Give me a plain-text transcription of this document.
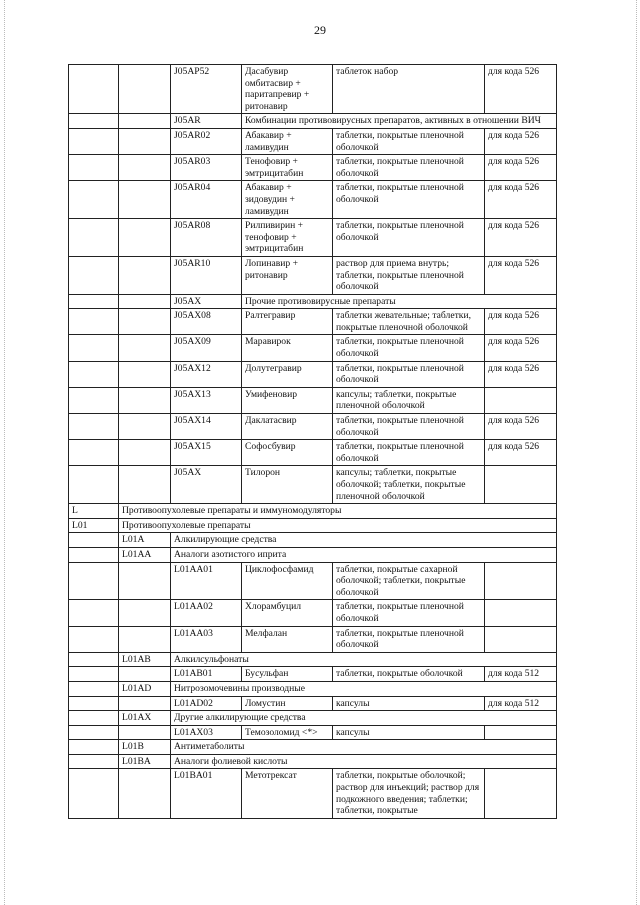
29
		J05AP52	Дасабувир омбитасвир + паритапревир + ритонавир	таблеток набор	для кода 526
		J05AR	Комбинации противовирусных препаратов, активных в отношении ВИЧ		
		J05AR02	Абакавир + ламивудин	таблетки, покрытые пленочной оболочкой	для кода 526
		J05AR03	Тенофовир + эмтрицитабин	таблетки, покрытые пленочной оболочкой	для кода 526
		J05AR04	Абакавир + зидовудин + ламивудин	таблетки, покрытые пленочной оболочкой	для кода 526
		J05AR08	Рилпивирин + тенофовир + эмтрицитабин	таблетки, покрытые пленочной оболочкой	для кода 526
		J05AR10	Лопинавир + ритонавир	раствор для приема внутрь; таблетки, покрытые пленочной оболочкой	для кода 526
		J05AX	Прочие противовирусные препараты		
		J05AX08	Ралтегравир	таблетки жевательные; таблетки, покрытые пленочной оболочкой	для кода 526
		J05AX09	Маравирок	таблетки, покрытые пленочной оболочкой	для кода 526
		J05AX12	Долутегравир	таблетки, покрытые пленочной оболочкой	для кода 526
		J05AX13	Умифеновир	капсулы; таблетки, покрытые пленочной оболочкой	
		J05AX14	Даклатасвир	таблетки, покрытые пленочной оболочкой	для кода 526
		J05AX15	Софосбувир	таблетки, покрытые пленочной оболочкой	для кода 526
		J05AX	Тилорон	капсулы; таблетки, покрытые оболочкой; таблетки, покрытые пленочной оболочкой	
L	Противоопухолевые препараты и иммуномодуляторы				
L01	Противоопухолевые препараты				
	L01A	Алкилирующие средства			
	L01AA	Аналоги азотистого иприта			
		L01AA01	Циклофосфамид	таблетки, покрытые сахарной оболочкой; таблетки, покрытые оболочкой	
		L01AA02	Хлорамбуцил	таблетки, покрытые пленочной оболочкой	
		L01AA03	Мелфалан	таблетки, покрытые пленочной оболочкой	
	L01AB	Алкилсульфонаты			
		L01AB01	Бусульфан	таблетки, покрытые оболочкой	для кода 512
	L01AD	Нитрозомочевины производные			
		L01AD02	Ломустин	капсулы	для кода 512
	L01AX	Другие алкилирующие средства			
		L01AX03	Темозоломид <*>	капсулы	
	L01B	Антиметаболиты			
	L01BA	Аналоги фолиевой кислоты			
		L01BA01	Метотрексат	таблетки, покрытые оболочкой; раствор для инъекций; раствор для подкожного введения; таблетки; таблетки, покрытые	
